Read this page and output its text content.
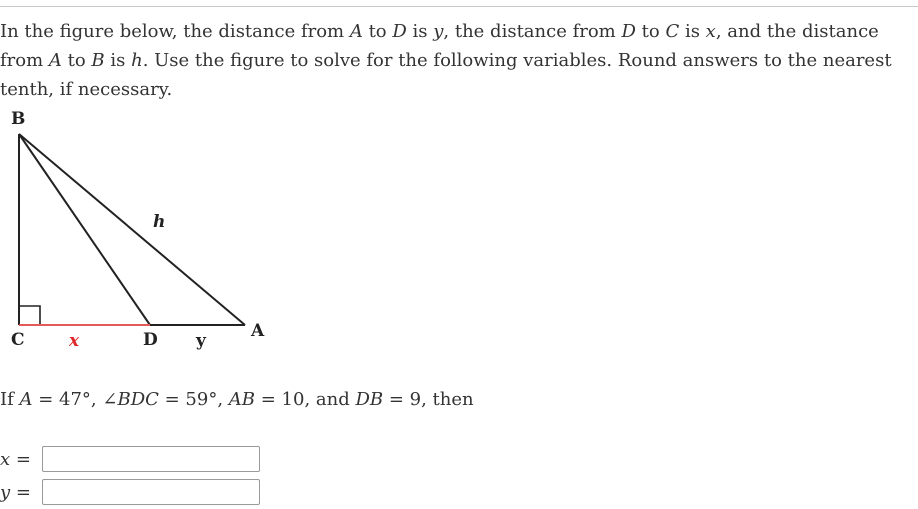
In the figure below, the distance from A to D is y, the distance from D to C is x, and the distance from A to B is h. Use the figure to solve for the following variables. Round answers to the nearest tenth, if necessary.
B
C	x	D y	A
h
If A = 47°, ∠BDC = 59°, AB = 10, and DB = 9, then
x =
y =
